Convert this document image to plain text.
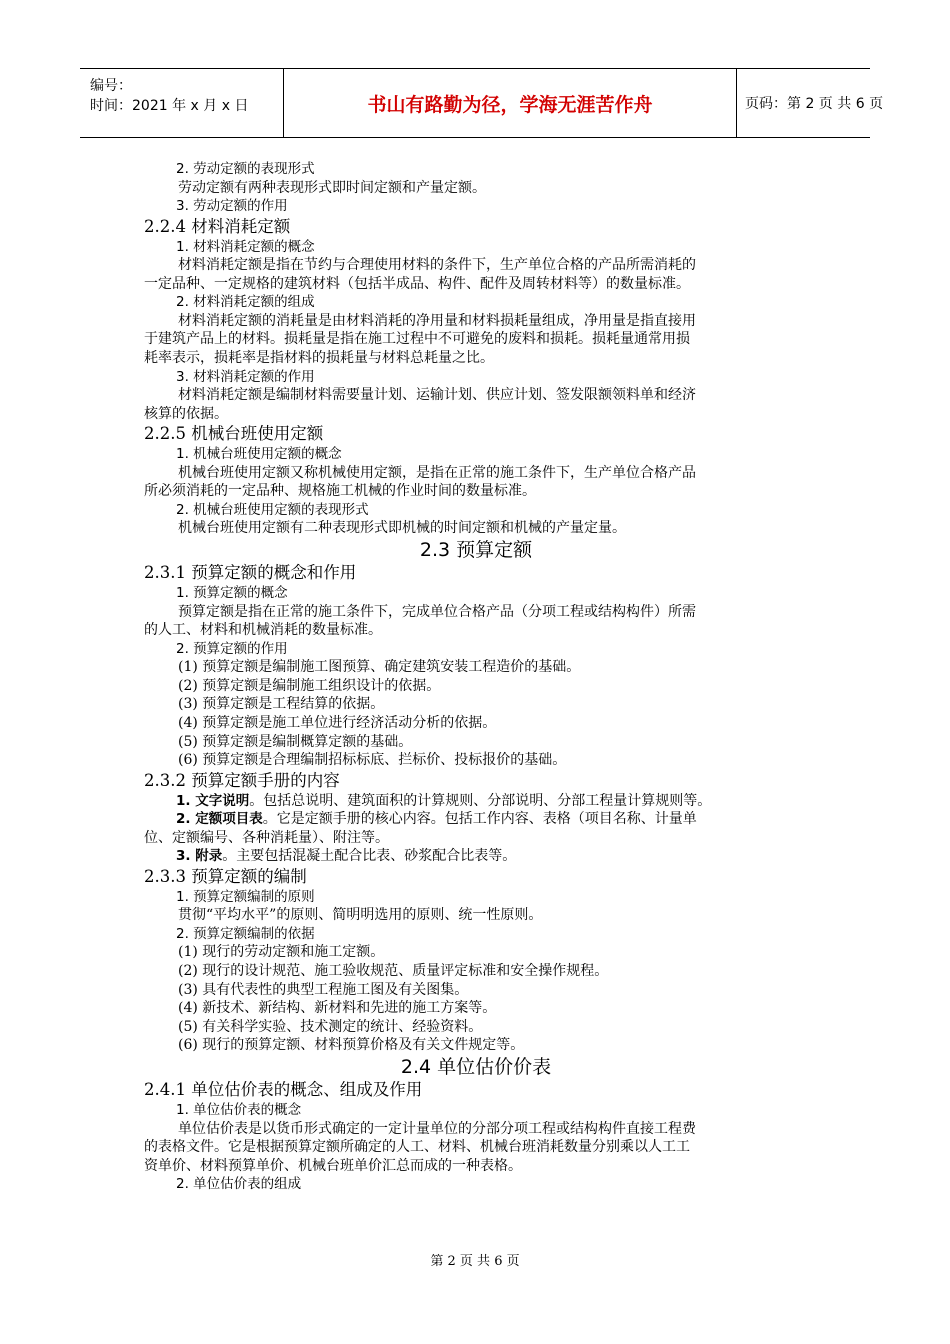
编号：
时间：2021 年 x 月 x 日	书山有路勤为径，学海无涯苦作舟	页码：第 2 页 共 6 页

2. 劳动定额的表现形式

劳动定额有两种表现形式即时间定额和产量定额。

3. 劳动定额的作用

2.2.4 材料消耗定额

1. 材料消耗定额的概念

材料消耗定额是指在节约与合理使用材料的条件下，生产单位合格的产品所需消耗的

一定品种、一定规格的建筑材料（包括半成品、构件、配件及周转材料等）的数量标准。

2. 材料消耗定额的组成

材料消耗定额的消耗量是由材料消耗的净用量和材料损耗量组成，净用量是指直接用

于建筑产品上的材料。损耗量是指在施工过程中不可避免的废料和损耗。损耗量通常用损

耗率表示，损耗率是指材料的损耗量与材料总耗量之比。

3. 材料消耗定额的作用

材料消耗定额是编制材料需要量计划、运输计划、供应计划、签发限额领料单和经济

核算的依据。

2.2.5 机械台班使用定额

1. 机械台班使用定额的概念

机械台班使用定额又称机械使用定额，是指在正常的施工条件下，生产单位合格产品

所必须消耗的一定品种、规格施工机械的作业时间的数量标准。

2. 机械台班使用定额的表现形式

机械台班使用定额有二种表现形式即机械的时间定额和机械的产量定量。

2.3 预算定额

2.3.1 预算定额的概念和作用

1. 预算定额的概念

预算定额是指在正常的施工条件下，完成单位合格产品（分项工程或结构构件）所需

的人工、材料和机械消耗的数量标准。

2. 预算定额的作用

(1) 预算定额是编制施工图预算、确定建筑安装工程造价的基础。

(2) 预算定额是编制施工组织设计的依据。

(3) 预算定额是工程结算的依据。

(4) 预算定额是施工单位进行经济活动分析的依据。

(5) 预算定额是编制概算定额的基础。

(6) 预算定额是合理编制招标标底、拦标价、投标报价的基础。

2.3.2 预算定额手册的内容

1. 文字说明。包括总说明、建筑面积的计算规则、分部说明、分部工程量计算规则等。

2. 定额项目表。它是定额手册的核心内容。包括工作内容、表格（项目名称、计量单

位、定额编号、各种消耗量）、附注等。

3. 附录。主要包括混凝土配合比表、砂浆配合比表等。

2.3.3 预算定额的编制

1. 预算定额编制的原则

贯彻“平均水平”的原则、简明明选用的原则、统一性原则。

2. 预算定额编制的依据

(1) 现行的劳动定额和施工定额。

(2) 现行的设计规范、施工验收规范、质量评定标准和安全操作规程。

(3) 具有代表性的典型工程施工图及有关图集。

(4) 新技术、新结构、新材料和先进的施工方案等。

(5) 有关科学实验、技术测定的统计、经验资料。

(6) 现行的预算定额、材料预算价格及有关文件规定等。

2.4 单位估价价表

2.4.1 单位估价表的概念、组成及作用

1. 单位估价表的概念

单位估价表是以货币形式确定的一定计量单位的分部分项工程或结构构件直接工程费

的表格文件。它是根据预算定额所确定的人工、材料、机械台班消耗数量分别乘以人工工

资单价、材料预算单价、机械台班单价汇总而成的一种表格。

2. 单位估价表的组成

第 2 页 共 6 页
